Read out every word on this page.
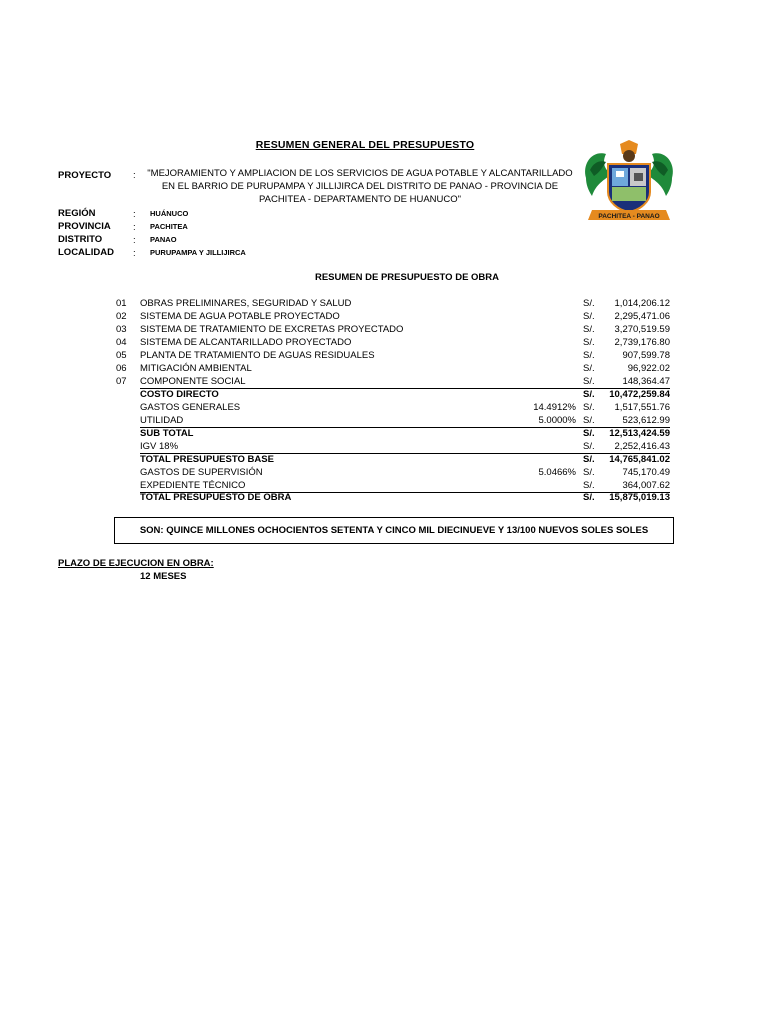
RESUMEN GENERAL DEL PRESUPUESTO
PROYECTO :	"MEJORAMIENTO Y AMPLIACION DE LOS SERVICIOS DE AGUA POTABLE Y ALCANTARILLADO EN EL BARRIO DE PURUPAMPA Y JILLIJIRCA DEL DISTRITO DE PANAO - PROVINCIA DE PACHITEA - DEPARTAMENTO DE HUANUCO"
REGIÓN	: HUÁNUCO
PROVINCIA : PACHITEA
DISTRITO	: PANAO
LOCALIDAD : PURUPAMPA Y JILLIJIRCA
PACHITEA - PANAO
RESUMEN DE PRESUPUESTO DE OBRA
01 OBRAS PRELIMINARES, SEGURIDAD Y SALUD	S/. 1,014,206.12
02 SISTEMA DE AGUA POTABLE PROYECTADO	S/. 2,295,471.06
03 SISTEMA DE TRATAMIENTO DE EXCRETAS PROYECTADO	S/. 3,270,519.59
04 SISTEMA DE ALCANTARILLADO PROYECTADO	S/. 2,739,176.80
05 PLANTA DE TRATAMIENTO DE AGUAS RESIDUALES	S/.	907,599.78
06 MITIGACIÓN AMBIENTAL	S/.	96,922.02
07 COMPONENTE SOCIAL	S/.	148,364.47
COSTO DIRECTO	S/. 10,472,259.84
GASTOS GENERALES	14.4912% S/. 1,517,551.76
UTILIDAD	5.0000% S/.	523,612.99
SUB TOTAL	S/. 12,513,424.59
IGV 18%	S/. 2,252,416.43
TOTAL PRESUPUESTO BASE	S/. 14,765,841.02
GASTOS DE SUPERVISIÓN	5.0466% S/.	745,170.49
EXPEDIENTE TÉCNICO	S/.	364,007.62
TOTAL PRESUPUESTO DE OBRA	S/. 15,875,019.13
SON: QUINCE MILLONES OCHOCIENTOS SETENTA Y CINCO MIL DIECINUEVE Y 13/100 NUEVOS SOLES SOLES
PLAZO DE EJECUCION EN OBRA:
12 MESES
